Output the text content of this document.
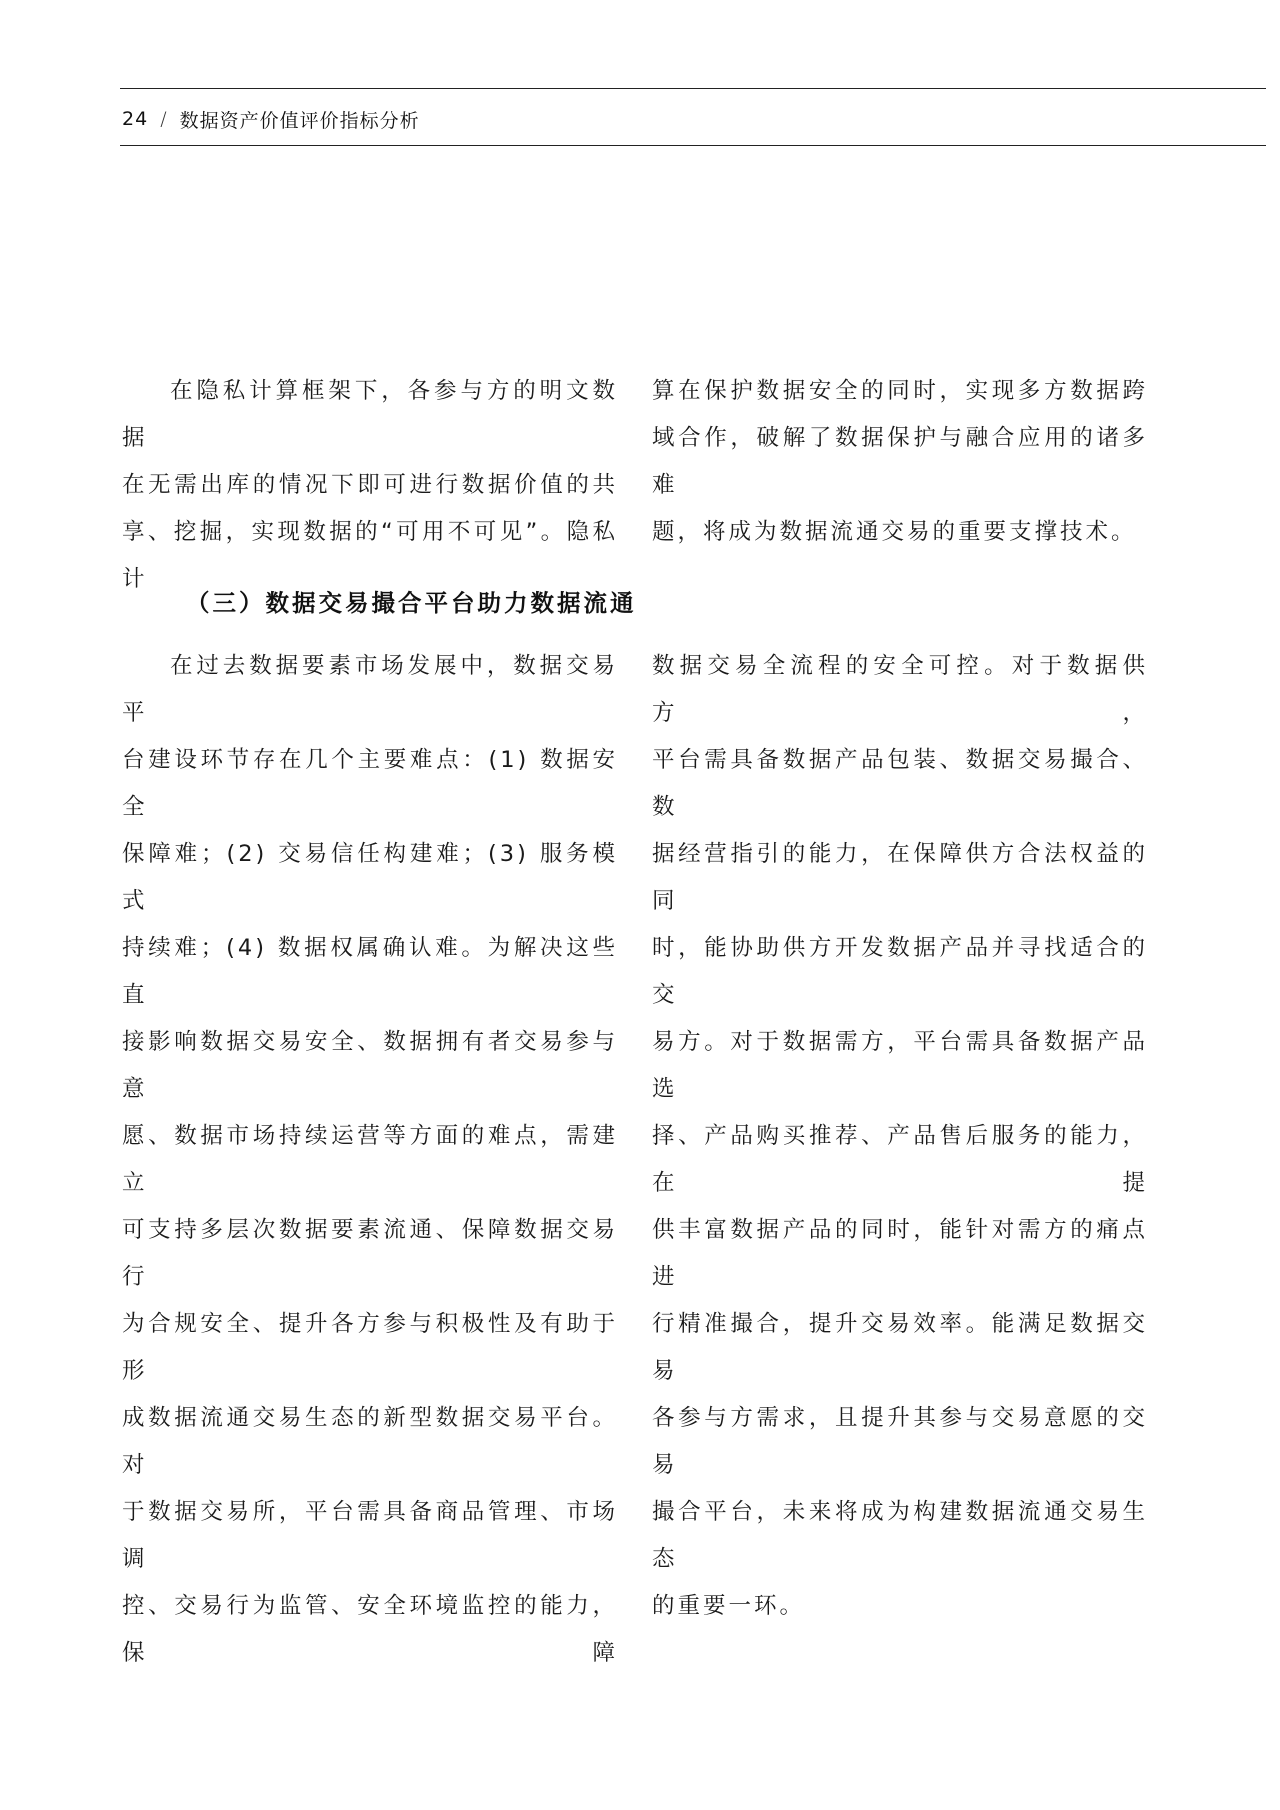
24 / 数据资产价值评价指标分析

在隐私计算框架下，各参与方的明文数据

在无需出库的情况下即可进行数据价值的共

享、挖掘，实现数据的“可用不可见”。隐私计

算在保护数据安全的同时，实现多方数据跨

域合作，破解了数据保护与融合应用的诸多难

题，将成为数据流通交易的重要支撑技术。

（三）数据交易撮合平台助力数据流通

在过去数据要素市场发展中，数据交易平

台建设环节存在几个主要难点：(1) 数据安全

保障难；(2) 交易信任构建难；(3) 服务模式

持续难；(4) 数据权属确认难。为解决这些直

接影响数据交易安全、数据拥有者交易参与意

愿、数据市场持续运营等方面的难点，需建立

可支持多层次数据要素流通、保障数据交易行

为合规安全、提升各方参与积极性及有助于形

成数据流通交易生态的新型数据交易平台。对

于数据交易所，平台需具备商品管理、市场调

控、交易行为监管、安全环境监控的能力，保障

数据交易全流程的安全可控。对于数据供方，

平台需具备数据产品包装、数据交易撮合、数

据经营指引的能力，在保障供方合法权益的同

时，能协助供方开发数据产品并寻找适合的交

易方。对于数据需方，平台需具备数据产品选

择、产品购买推荐、产品售后服务的能力，在提

供丰富数据产品的同时，能针对需方的痛点进

行精准撮合，提升交易效率。能满足数据交易

各参与方需求，且提升其参与交易意愿的交易

撮合平台，未来将成为构建数据流通交易生态

的重要一环。
